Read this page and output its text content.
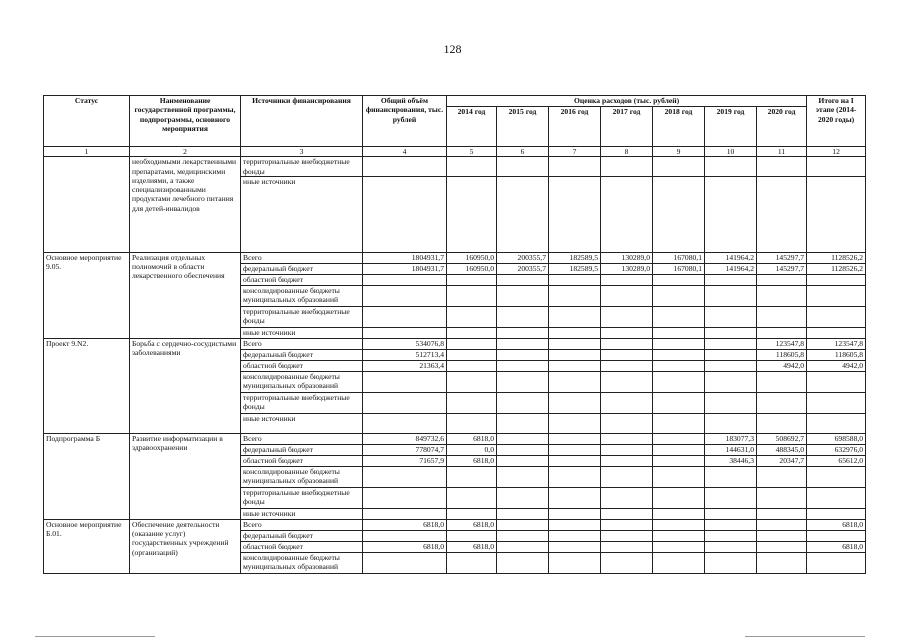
128
Статус	Наименование государственной программы, подпрограммы, основного мероприятия	Источники финансирования	Общий объём финансирования, тыс. рублей	Оценка расходов (тыс. рублей)							Итого на I этапе (2014-2020 годы)
				2014 год	2015 год	2016 год	2017 год	2018 год	2019 год	2020 год	
1	2	3	4	5	6	7	8	9	10	11	12
	необходимыми лекарственными препаратами, медицинскими изделиями, а также специализированными продуктами лечебного питания для детей-инвалидов	территориальные внебюджетные фонды									
		иные источники									
Основное мероприятие 9.05.	Реализация отдельных полномочий в области лекарственного обеспечения	Всего	1804931,7	160950,0	200355,7	182589,5	130289,0	167080,1	141964,2	145297,7	1128526,2
		федеральный бюджет	1804931,7	160950,0	200355,7	182589,5	130289,0	167080,1	141964,2	145297,7	1128526,2
		областной бюджет									
		консолидированные бюджеты муниципальных образований									
		территориальные внебюджетные фонды									
		иные источники									
Проект 9.N2.	Борьба с сердечно-сосудистыми заболеваниями	Всего	534076,8							123547,8	123547,8
		федеральный бюджет	512713,4							118605,8	118605,8
		областной бюджет	21363,4							4942,0	4942,0
		консолидированные бюджеты муниципальных образований									
		территориальные внебюджетные фонды									
		иные источники									
Подпрограмма Б	Развитие информатизации в здравоохранении	Всего	849732,6	6818,0					183077,3	508692,7	698588,0
		федеральный бюджет	778074,7	0,0					144631,0	488345,0	632976,0
		областной бюджет	71657,9	6818,0					38446,3	20347,7	65612,0
		консолидированные бюджеты муниципальных образований									
		территориальные внебюджетные фонды									
		иные источники									
Основное мероприятие Б.01.	Обеспечение деятельности (оказание услуг) государственных учреждений (организаций)	Всего	6818,0	6818,0							6818,0
		федеральный бюджет									
		областной бюджет	6818,0	6818,0							6818,0
		консолидированные бюджеты муниципальных образований									
